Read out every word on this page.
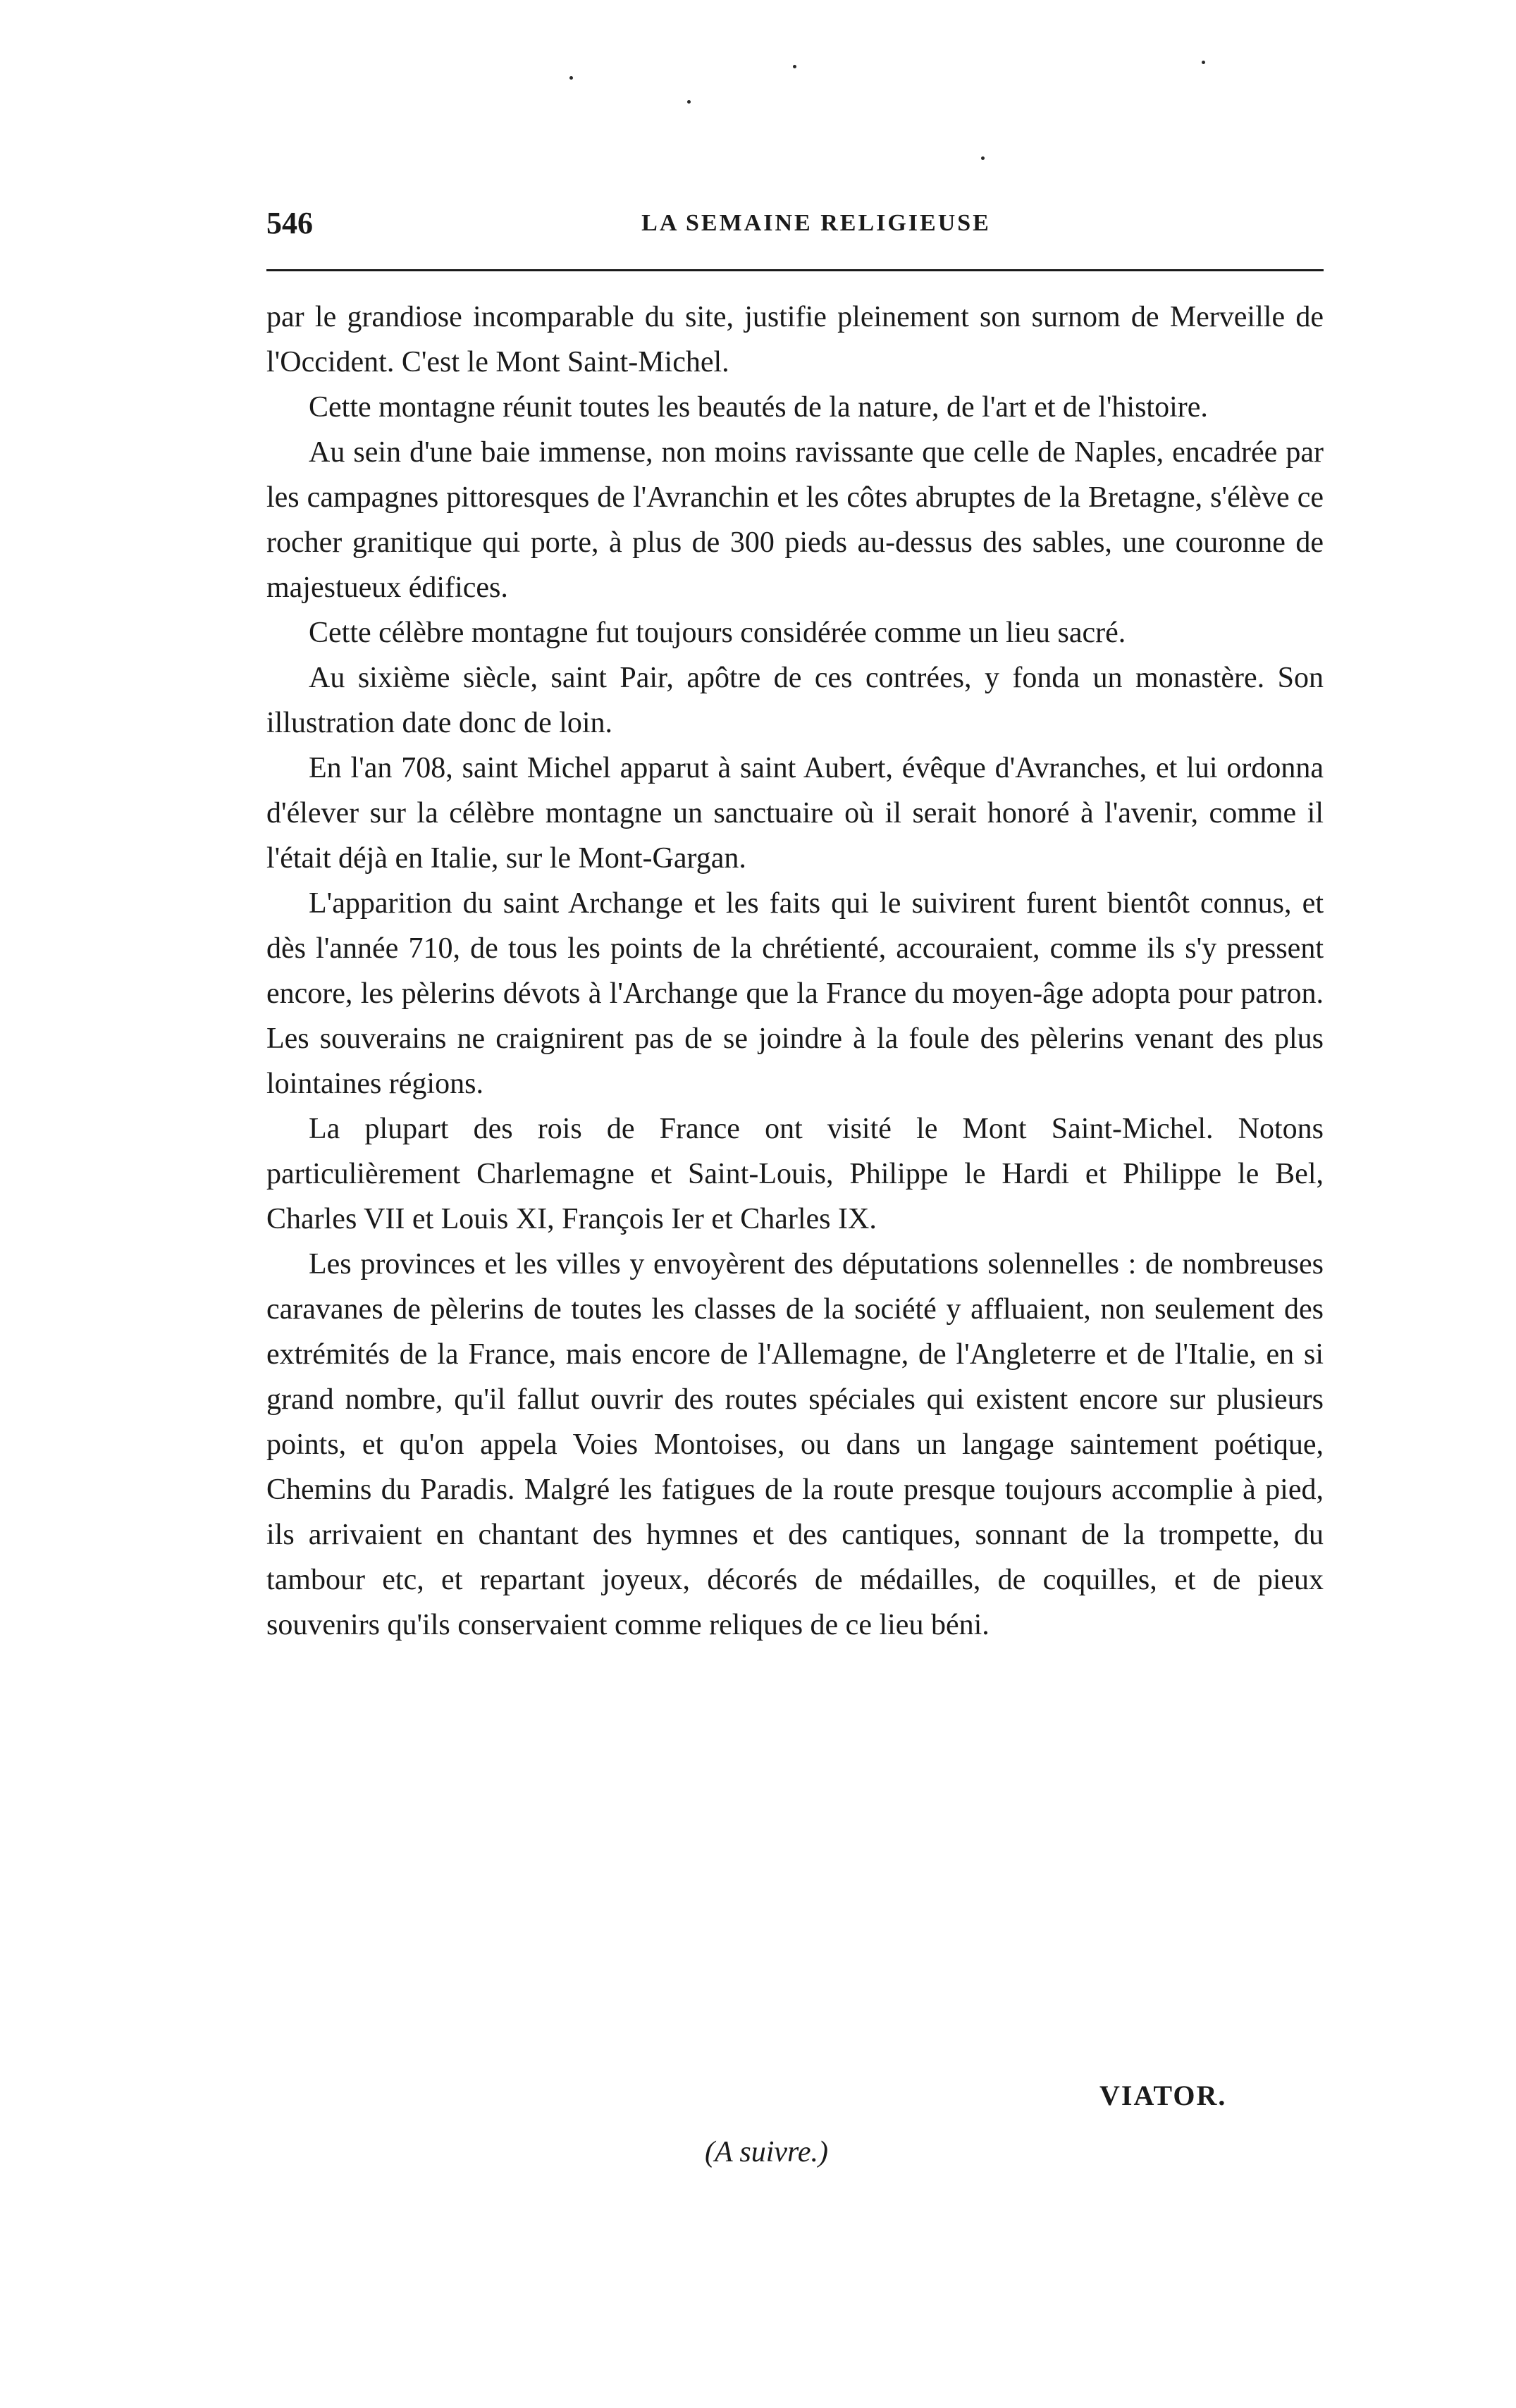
546	LA SEMAINE RELIGIEUSE

par le grandiose incomparable du site, justifie pleinement son surnom de Merveille de l'Occident. C'est le Mont Saint-Michel.

Cette montagne réunit toutes les beautés de la nature, de l'art et de l'histoire.

Au sein d'une baie immense, non moins ravissante que celle de Naples, encadrée par les campagnes pittoresques de l'Avranchin et les côtes abruptes de la Bretagne, s'élève ce rocher granitique qui porte, à plus de 300 pieds au-dessus des sables, une couronne de majestueux édifices.

Cette célèbre montagne fut toujours considérée comme un lieu sacré.

Au sixième siècle, saint Pair, apôtre de ces contrées, y fonda un monastère. Son illustration date donc de loin.

En l'an 708, saint Michel apparut à saint Aubert, évêque d'Avranches, et lui ordonna d'élever sur la célèbre montagne un sanctuaire où il serait honoré à l'avenir, comme il l'était déjà en Italie, sur le Mont-Gargan.

L'apparition du saint Archange et les faits qui le suivirent furent bientôt connus, et dès l'année 710, de tous les points de la chrétienté, accouraient, comme ils s'y pressent encore, les pèlerins dévots à l'Archange que la France du moyen-âge adopta pour patron. Les souverains ne craignirent pas de se joindre à la foule des pèlerins venant des plus lointaines régions.

La plupart des rois de France ont visité le Mont Saint-Michel. Notons particulièrement Charlemagne et Saint-Louis, Philippe le Hardi et Philippe le Bel, Charles VII et Louis XI, François Ier et Charles IX.

Les provinces et les villes y envoyèrent des députations solennelles : de nombreuses caravanes de pèlerins de toutes les classes de la société y affluaient, non seulement des extrémités de la France, mais encore de l'Allemagne, de l'Angleterre et de l'Italie, en si grand nombre, qu'il fallut ouvrir des routes spéciales qui existent encore sur plusieurs points, et qu'on appela Voies Montoises, ou dans un langage saintement poétique, Chemins du Paradis. Malgré les fatigues de la route presque toujours accomplie à pied, ils arrivaient en chantant des hymnes et des cantiques, sonnant de la trompette, du tambour etc, et repartant joyeux, décorés de médailles, de coquilles, et de pieux souvenirs qu'ils conservaient comme reliques de ce lieu béni.

VIATOR.
(A suivre.)
